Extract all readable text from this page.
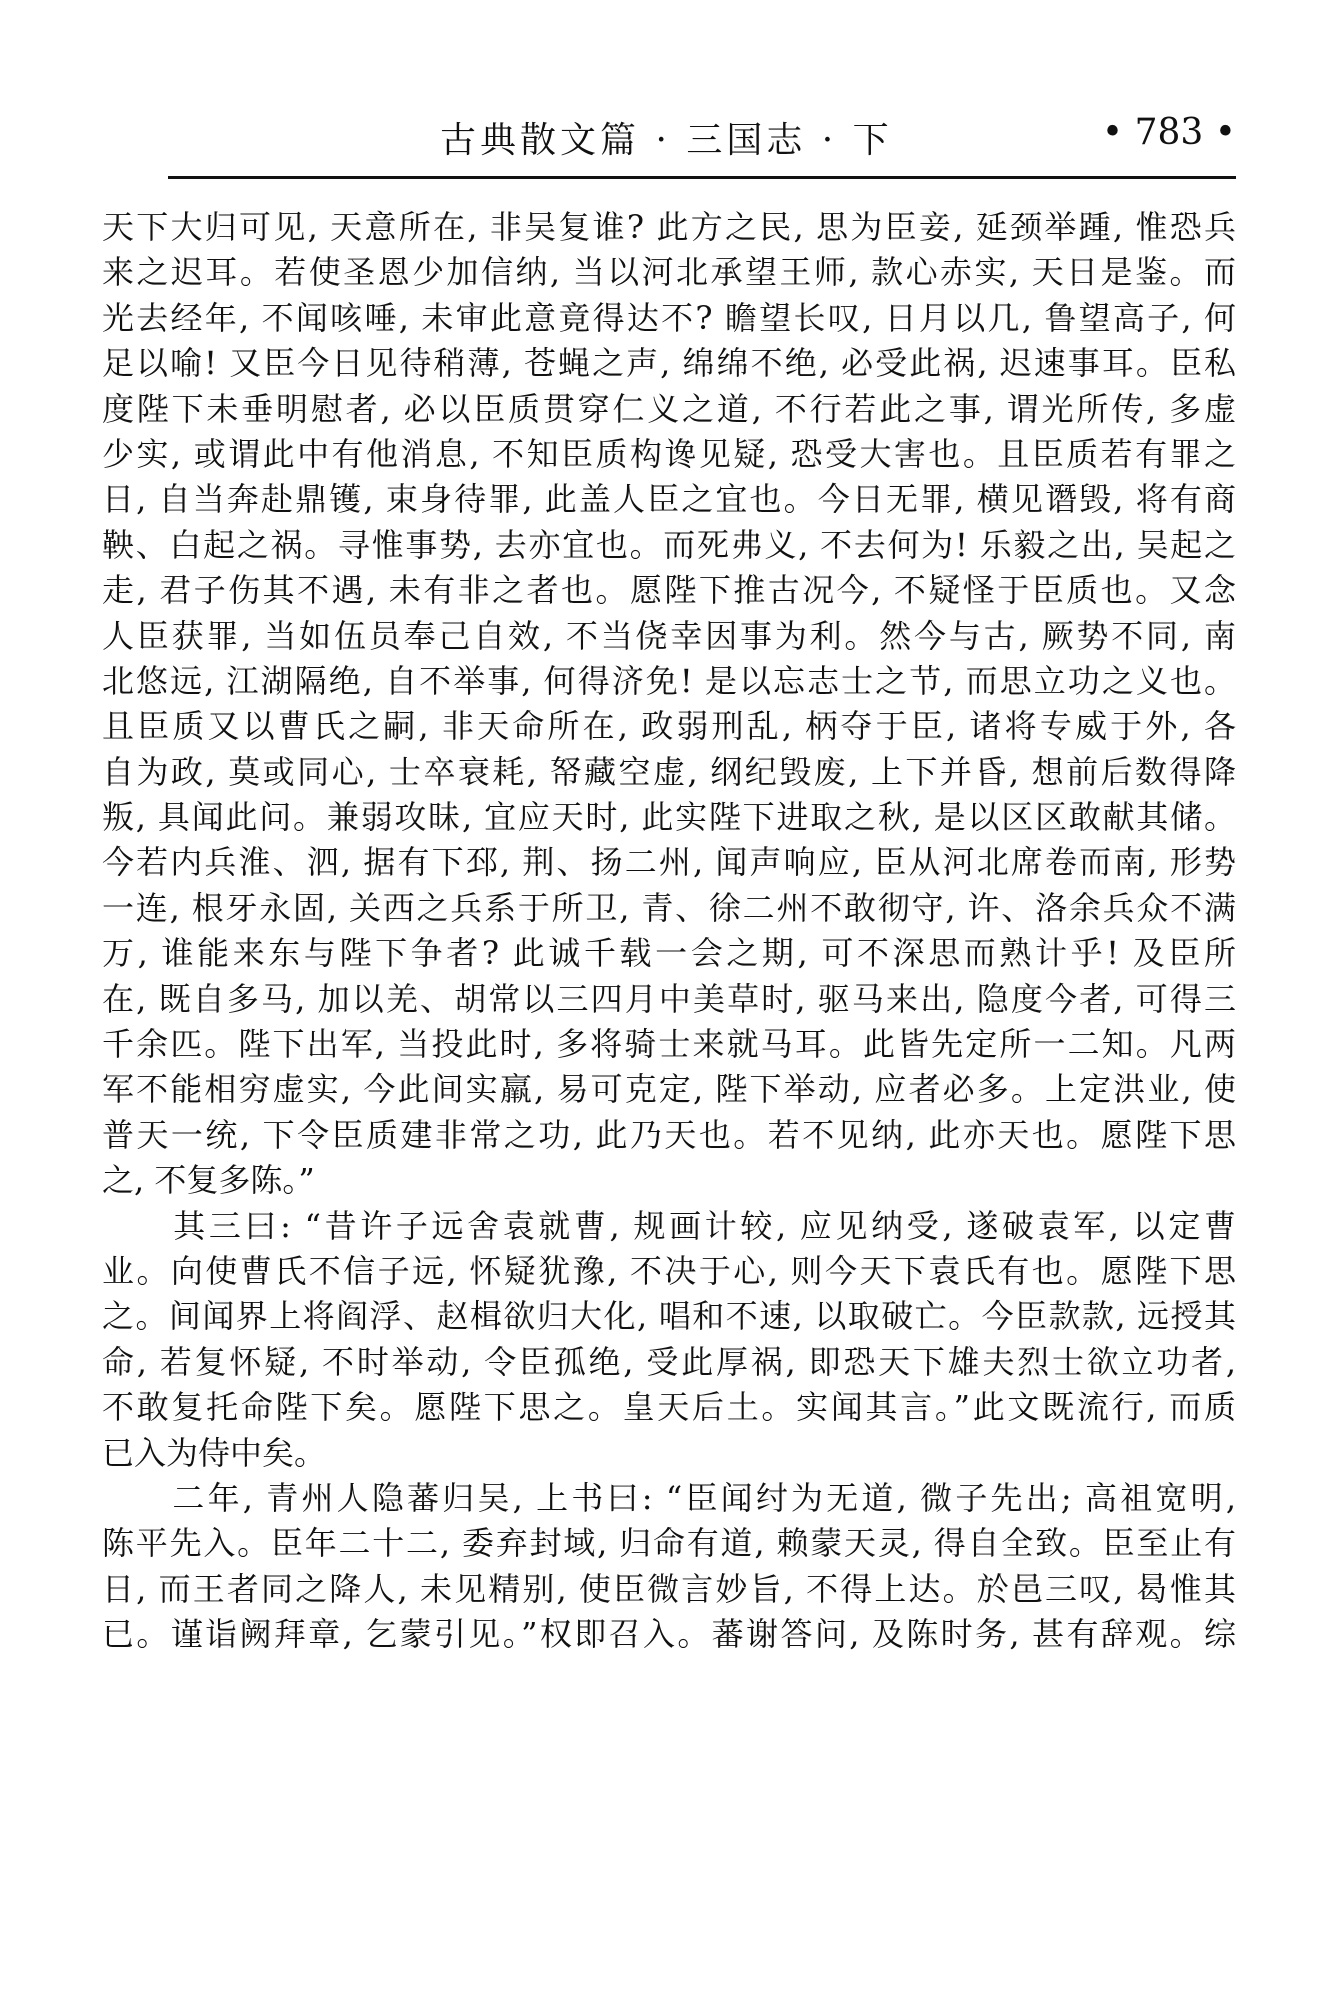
古典散文篇 · 三国志 · 下	• 783 •
天下大归可见, 天意所在, 非吴复谁? 此方之民, 思为臣妾, 延颈举踵, 惟恐兵
来之迟耳。若使圣恩少加信纳, 当以河北承望王师, 款心赤实, 天日是鉴。而
光去经年, 不闻咳唾, 未审此意竟得达不? 瞻望长叹, 日月以几, 鲁望高子, 何
足以喻! 又臣今日见待稍薄, 苍蝇之声, 绵绵不绝, 必受此祸, 迟速事耳。臣私
度陛下未垂明慰者, 必以臣质贯穿仁义之道, 不行若此之事, 谓光所传, 多虚
少实, 或谓此中有他消息, 不知臣质构谗见疑, 恐受大害也。且臣质若有罪之
日, 自当奔赴鼎镬, 束身待罪, 此盖人臣之宜也。今日无罪, 横见谮毁, 将有商
鞅、白起之祸。寻惟事势, 去亦宜也。而死弗义, 不去何为! 乐毅之出, 吴起之
走, 君子伤其不遇, 未有非之者也。愿陛下推古况今, 不疑怪于臣质也。又念
人臣获罪, 当如伍员奉己自效, 不当侥幸因事为利。然今与古, 厥势不同, 南
北悠远, 江湖隔绝, 自不举事, 何得济免! 是以忘志士之节, 而思立功之义也。
且臣质又以曹氏之嗣, 非天命所在, 政弱刑乱, 柄夺于臣, 诸将专威于外, 各
自为政, 莫或同心, 士卒衰耗, 帑藏空虚, 纲纪毁废, 上下并昏, 想前后数得降
叛, 具闻此问。兼弱攻昧, 宜应天时, 此实陛下进取之秋, 是以区区敢献其储。
今若内兵淮、泗, 据有下邳, 荆、扬二州, 闻声响应, 臣从河北席卷而南, 形势
一连, 根牙永固, 关西之兵系于所卫, 青、徐二州不敢彻守, 许、洛余兵众不满
万, 谁能来东与陛下争者? 此诚千载一会之期, 可不深思而熟计乎! 及臣所
在, 既自多马, 加以羌、胡常以三四月中美草时, 驱马来出, 隐度今者, 可得三
千余匹。陛下出军, 当投此时, 多将骑士来就马耳。此皆先定所一二知。凡两
军不能相穷虚实, 今此间实羸, 易可克定, 陛下举动, 应者必多。上定洪业, 使
普天一统, 下令臣质建非常之功, 此乃天也。若不见纳, 此亦天也。愿陛下思
之, 不复多陈。”
　　其三曰: “昔许子远舍袁就曹, 规画计较, 应见纳受, 遂破袁军, 以定曹
业。向使曹氏不信子远, 怀疑犹豫, 不决于心, 则今天下袁氏有也。愿陛下思
之。间闻界上将阎浮、赵楫欲归大化, 唱和不速, 以取破亡。今臣款款, 远授其
命, 若复怀疑, 不时举动, 令臣孤绝, 受此厚祸, 即恐天下雄夫烈士欲立功者,
不敢复托命陛下矣。愿陛下思之。皇天后土。实闻其言。”此文既流行, 而质
已入为侍中矣。
　　二年, 青州人隐蕃归吴, 上书曰: “臣闻纣为无道, 微子先出; 高祖宽明,
陈平先入。臣年二十二, 委弃封域, 归命有道, 赖蒙天灵, 得自全致。臣至止有
日, 而王者同之降人, 未见精别, 使臣微言妙旨, 不得上达。於邑三叹, 曷惟其
已。谨诣阙拜章, 乞蒙引见。”权即召入。蕃谢答问, 及陈时务, 甚有辞观。综
